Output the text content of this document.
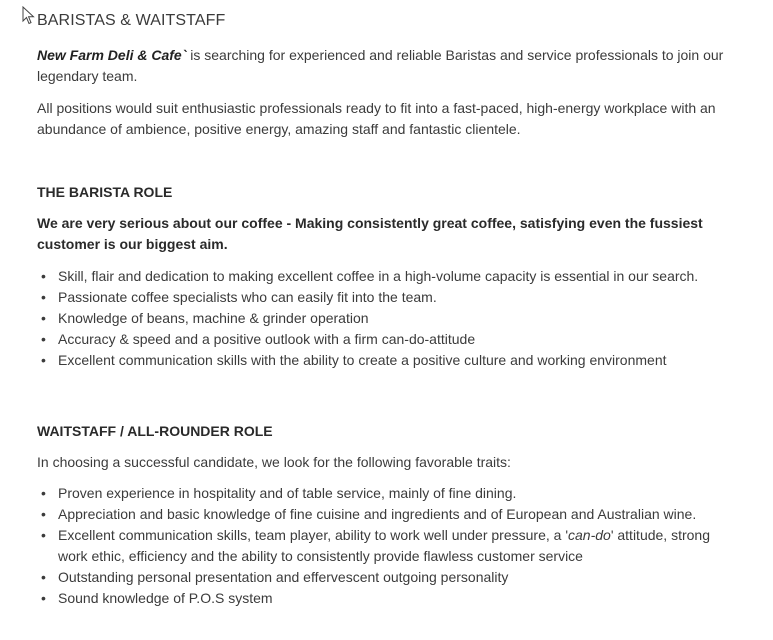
BARISTAS & WAITSTAFF

New Farm Deli & Cafe` is searching for experienced and reliable Baristas and service professionals to join our legendary team.

All positions would suit enthusiastic professionals ready to fit into a fast-paced, high-energy workplace with an abundance of ambience, positive energy, amazing staff and fantastic clientele.

THE BARISTA ROLE

We are very serious about our coffee - Making consistently great coffee, satisfying even the fussiest customer is our biggest aim.

• Skill, flair and dedication to making excellent coffee in a high-volume capacity is essential in our search.
• Passionate coffee specialists who can easily fit into the team.
• Knowledge of beans, machine & grinder operation
• Accuracy & speed and a positive outlook with a firm can-do-attitude
• Excellent communication skills with the ability to create a positive culture and working environment
WAITSTAFF / ALL-ROUNDER ROLE

In choosing a successful candidate, we look for the following favorable traits:

• Proven experience in hospitality and of table service, mainly of fine dining.
• Appreciation and basic knowledge of fine cuisine and ingredients and of European and Australian wine.
• Excellent communication skills, team player, ability to work well under pressure, a 'can-do' attitude, strong work ethic, efficiency and the ability to consistently provide flawless customer service
• Outstanding personal presentation and effervescent outgoing personality
• Sound knowledge of P.O.S system
